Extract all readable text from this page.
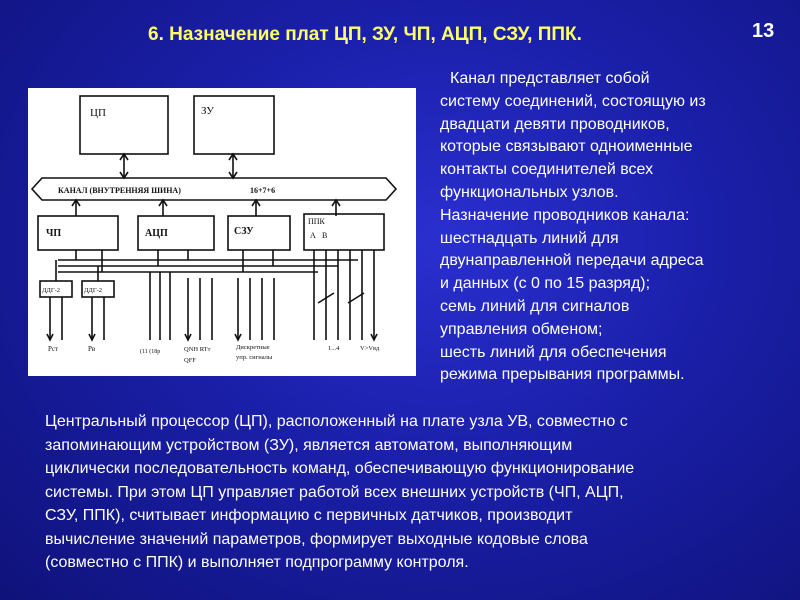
6. Назначение плат ЦП, ЗУ, ЧП, АЦП, СЗУ, ППК.	13
ЦП	ЗУ
КАНАЛ (ВНУТРЕННЯЯ ШИНА)	16+7+6
ЧП	АЦП	СЗУ
ППК
А В
ДДГ-2	ДДГ-2
Рст	Рв	(11 (18р	QNH RTт
QFF
Дискретные
упр. сигналы
1...4	V>Vвд
Канал представляет собой
систему соединений, состоящую из
двадцати девяти проводников,
которые связывают одноименные
контакты соединителей всех
функциональных узлов.
Назначение проводников канала:
шестнадцать линий для
двунаправленной передачи адреса
и данных (с 0 по 15 разряд);
семь линий для сигналов
управления обменом;
шесть линий для обеспечения
режима прерывания программы.
Центральный процессор (ЦП), расположенный на плате узла УВ, совместно с
запоминающим устройством (ЗУ), является автоматом, выполняющим
циклически последовательность команд, обеспечивающую функционирование
системы. При этом ЦП управляет работой всех внешних устройств (ЧП, АЦП,
СЗУ, ППК), считывает информацию с первичных датчиков, производит
вычисление значений параметров, формирует выходные кодовые слова
(совместно с ППК) и выполняет подпрограмму контроля.
